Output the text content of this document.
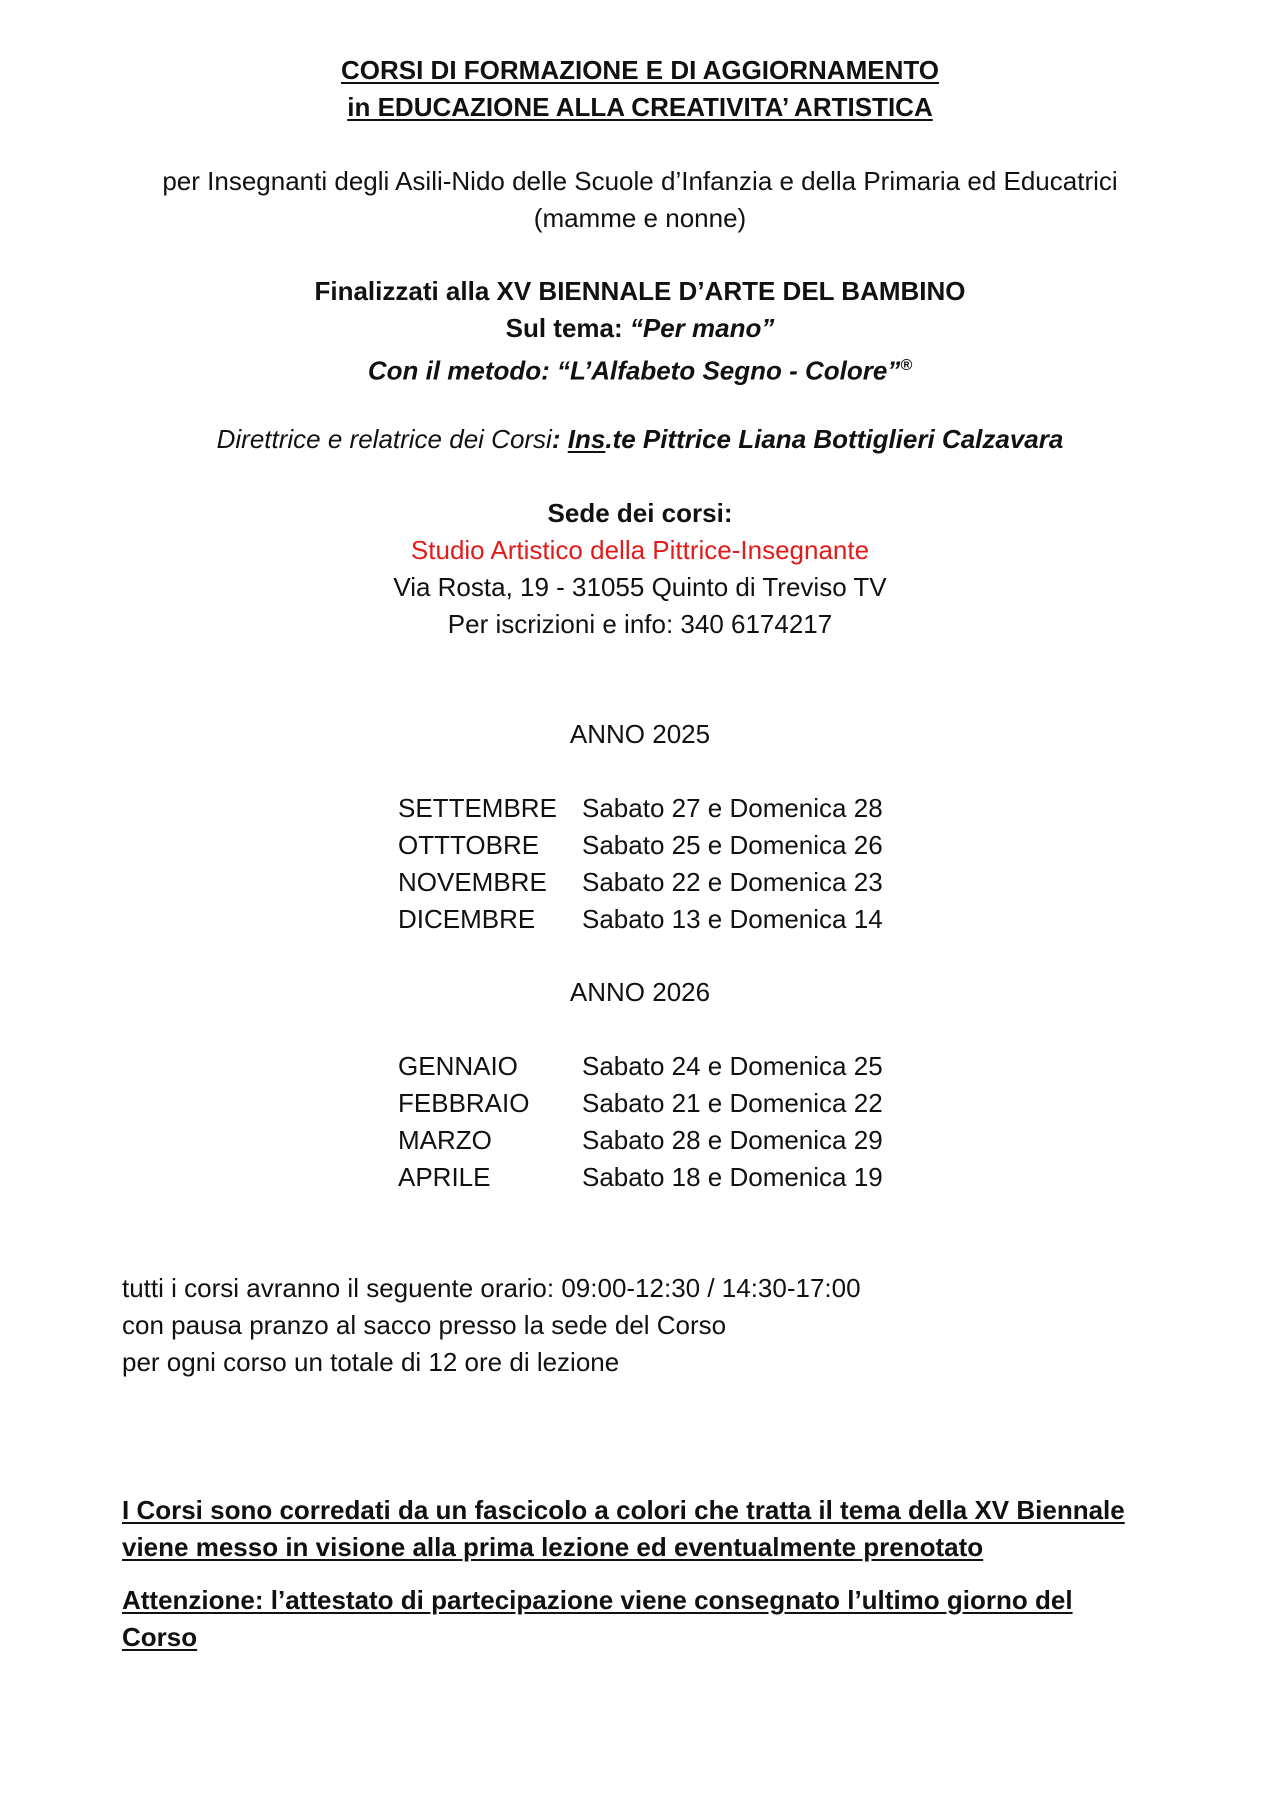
CORSI DI FORMAZIONE E DI AGGIORNAMENTO
in EDUCAZIONE ALLA CREATIVITA’ ARTISTICA
per Insegnanti degli Asili-Nido delle Scuole d’Infanzia e della Primaria ed Educatrici
(mamme e nonne)
Finalizzati alla XV BIENNALE D’ARTE DEL BAMBINO
Sul tema: “Per mano”
Con il metodo: “L’Alfabeto Segno - Colore”®
Direttrice e relatrice dei Corsi: Ins.te Pittrice Liana Bottiglieri Calzavara
Sede dei corsi:
Studio Artistico della Pittrice-Insegnante
Via Rosta, 19 - 31055 Quinto di Treviso TV
Per iscrizioni e info: 340 6174217
ANNO 2025
SETTEMBRE Sabato 27 e Domenica 28
OTTTOBRE	Sabato 25 e Domenica 26
NOVEMBRE	Sabato 22 e Domenica 23
DICEMBRE	Sabato 13 e Domenica 14
ANNO 2026
GENNAIO	Sabato 24 e Domenica 25
FEBBRAIO	Sabato 21 e Domenica 22
MARZO	Sabato 28 e Domenica 29
APRILE	Sabato 18 e Domenica 19
tutti i corsi avranno il seguente orario: 09:00-12:30 / 14:30-17:00
con pausa pranzo al sacco presso la sede del Corso
per ogni corso un totale di 12 ore di lezione
I Corsi sono corredati da un fascicolo a colori che tratta il tema della XV Biennale
viene messo in visione alla prima lezione ed eventualmente prenotato
Attenzione: l’attestato di partecipazione viene consegnato l’ultimo giorno del
Corso
